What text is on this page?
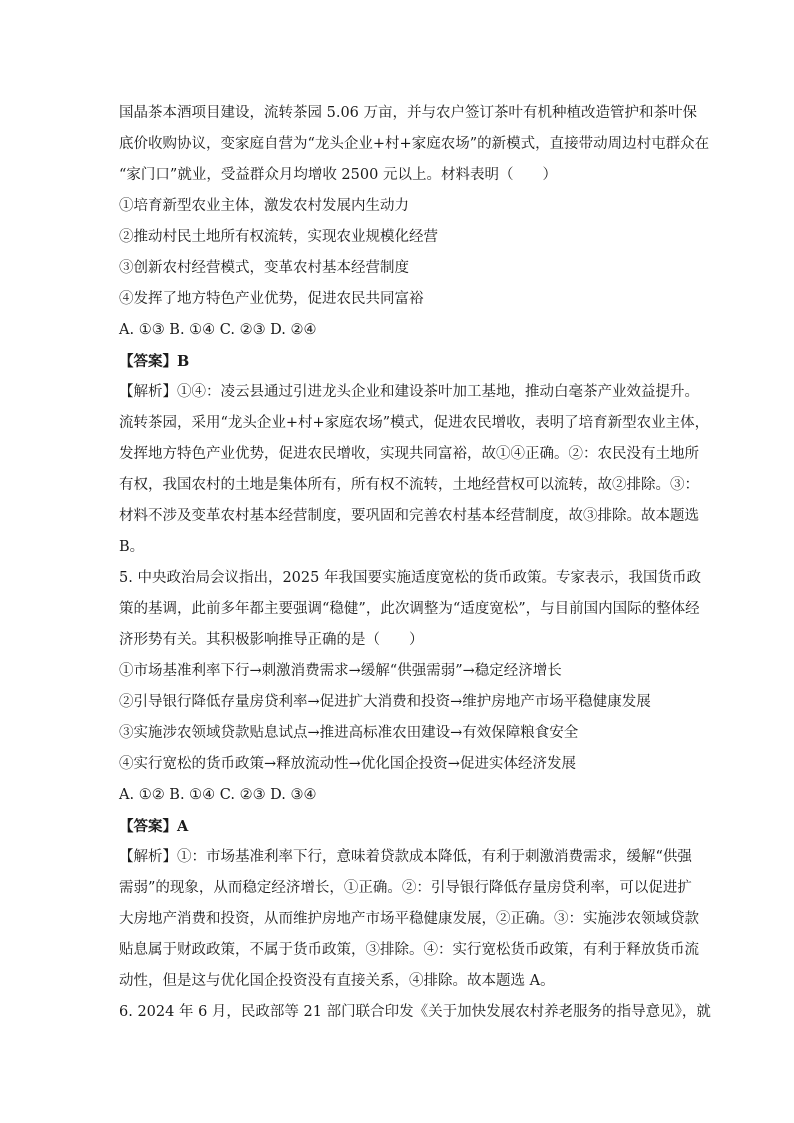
国晶茶本酒项目建设，流转茶园 5.06 万亩，并与农户签订茶叶有机种植改造管护和茶叶保
底价收购协议，变家庭自营为“龙头企业+村+家庭农场”的新模式，直接带动周边村屯群众在
“家门口”就业，受益群众月均增收 2500 元以上。材料表明（　　）
①培育新型农业主体，激发农村发展内生动力
②推动村民土地所有权流转，实现农业规模化经营
③创新农村经营模式，变革农村基本经营制度
④发挥了地方特色产业优势，促进农民共同富裕
A. ①③ B. ①④ C. ②③ D. ②④
【答案】B
【解析】①④：凌云县通过引进龙头企业和建设茶叶加工基地，推动白毫茶产业效益提升。
流转茶园，采用“龙头企业+村+家庭农场”模式，促进农民增收，表明了培育新型农业主体，
发挥地方特色产业优势，促进农民增收，实现共同富裕，故①④正确。②：农民没有土地所
有权，我国农村的土地是集体所有，所有权不流转，土地经营权可以流转，故②排除。③：
材料不涉及变革农村基本经营制度，要巩固和完善农村基本经营制度，故③排除。故本题选
B。
5. 中央政治局会议指出，2025 年我国要实施适度宽松的货币政策。专家表示，我国货币政
策的基调，此前多年都主要强调“稳健”，此次调整为“适度宽松”，与目前国内国际的整体经
济形势有关。其积极影响推导正确的是（　　）
①市场基准利率下行→刺激消费需求→缓解“供强需弱”→稳定经济增长
②引导银行降低存量房贷利率→促进扩大消费和投资→维护房地产市场平稳健康发展
③实施涉农领域贷款贴息试点→推进高标准农田建设→有效保障粮食安全
④实行宽松的货币政策→释放流动性→优化国企投资→促进实体经济发展
A. ①② B. ①④ C. ②③ D. ③④
【答案】A
【解析】①：市场基准利率下行，意味着贷款成本降低，有利于刺激消费需求，缓解“供强
需弱”的现象，从而稳定经济增长，①正确。②：引导银行降低存量房贷利率，可以促进扩
大房地产消费和投资，从而维护房地产市场平稳健康发展，②正确。③：实施涉农领域贷款
贴息属于财政政策，不属于货币政策，③排除。④：实行宽松货币政策，有利于释放货币流
动性，但是这与优化国企投资没有直接关系，④排除。故本题选 A。
6. 2024 年 6 月，民政部等 21 部门联合印发《关于加快发展农村养老服务的指导意见》，就
